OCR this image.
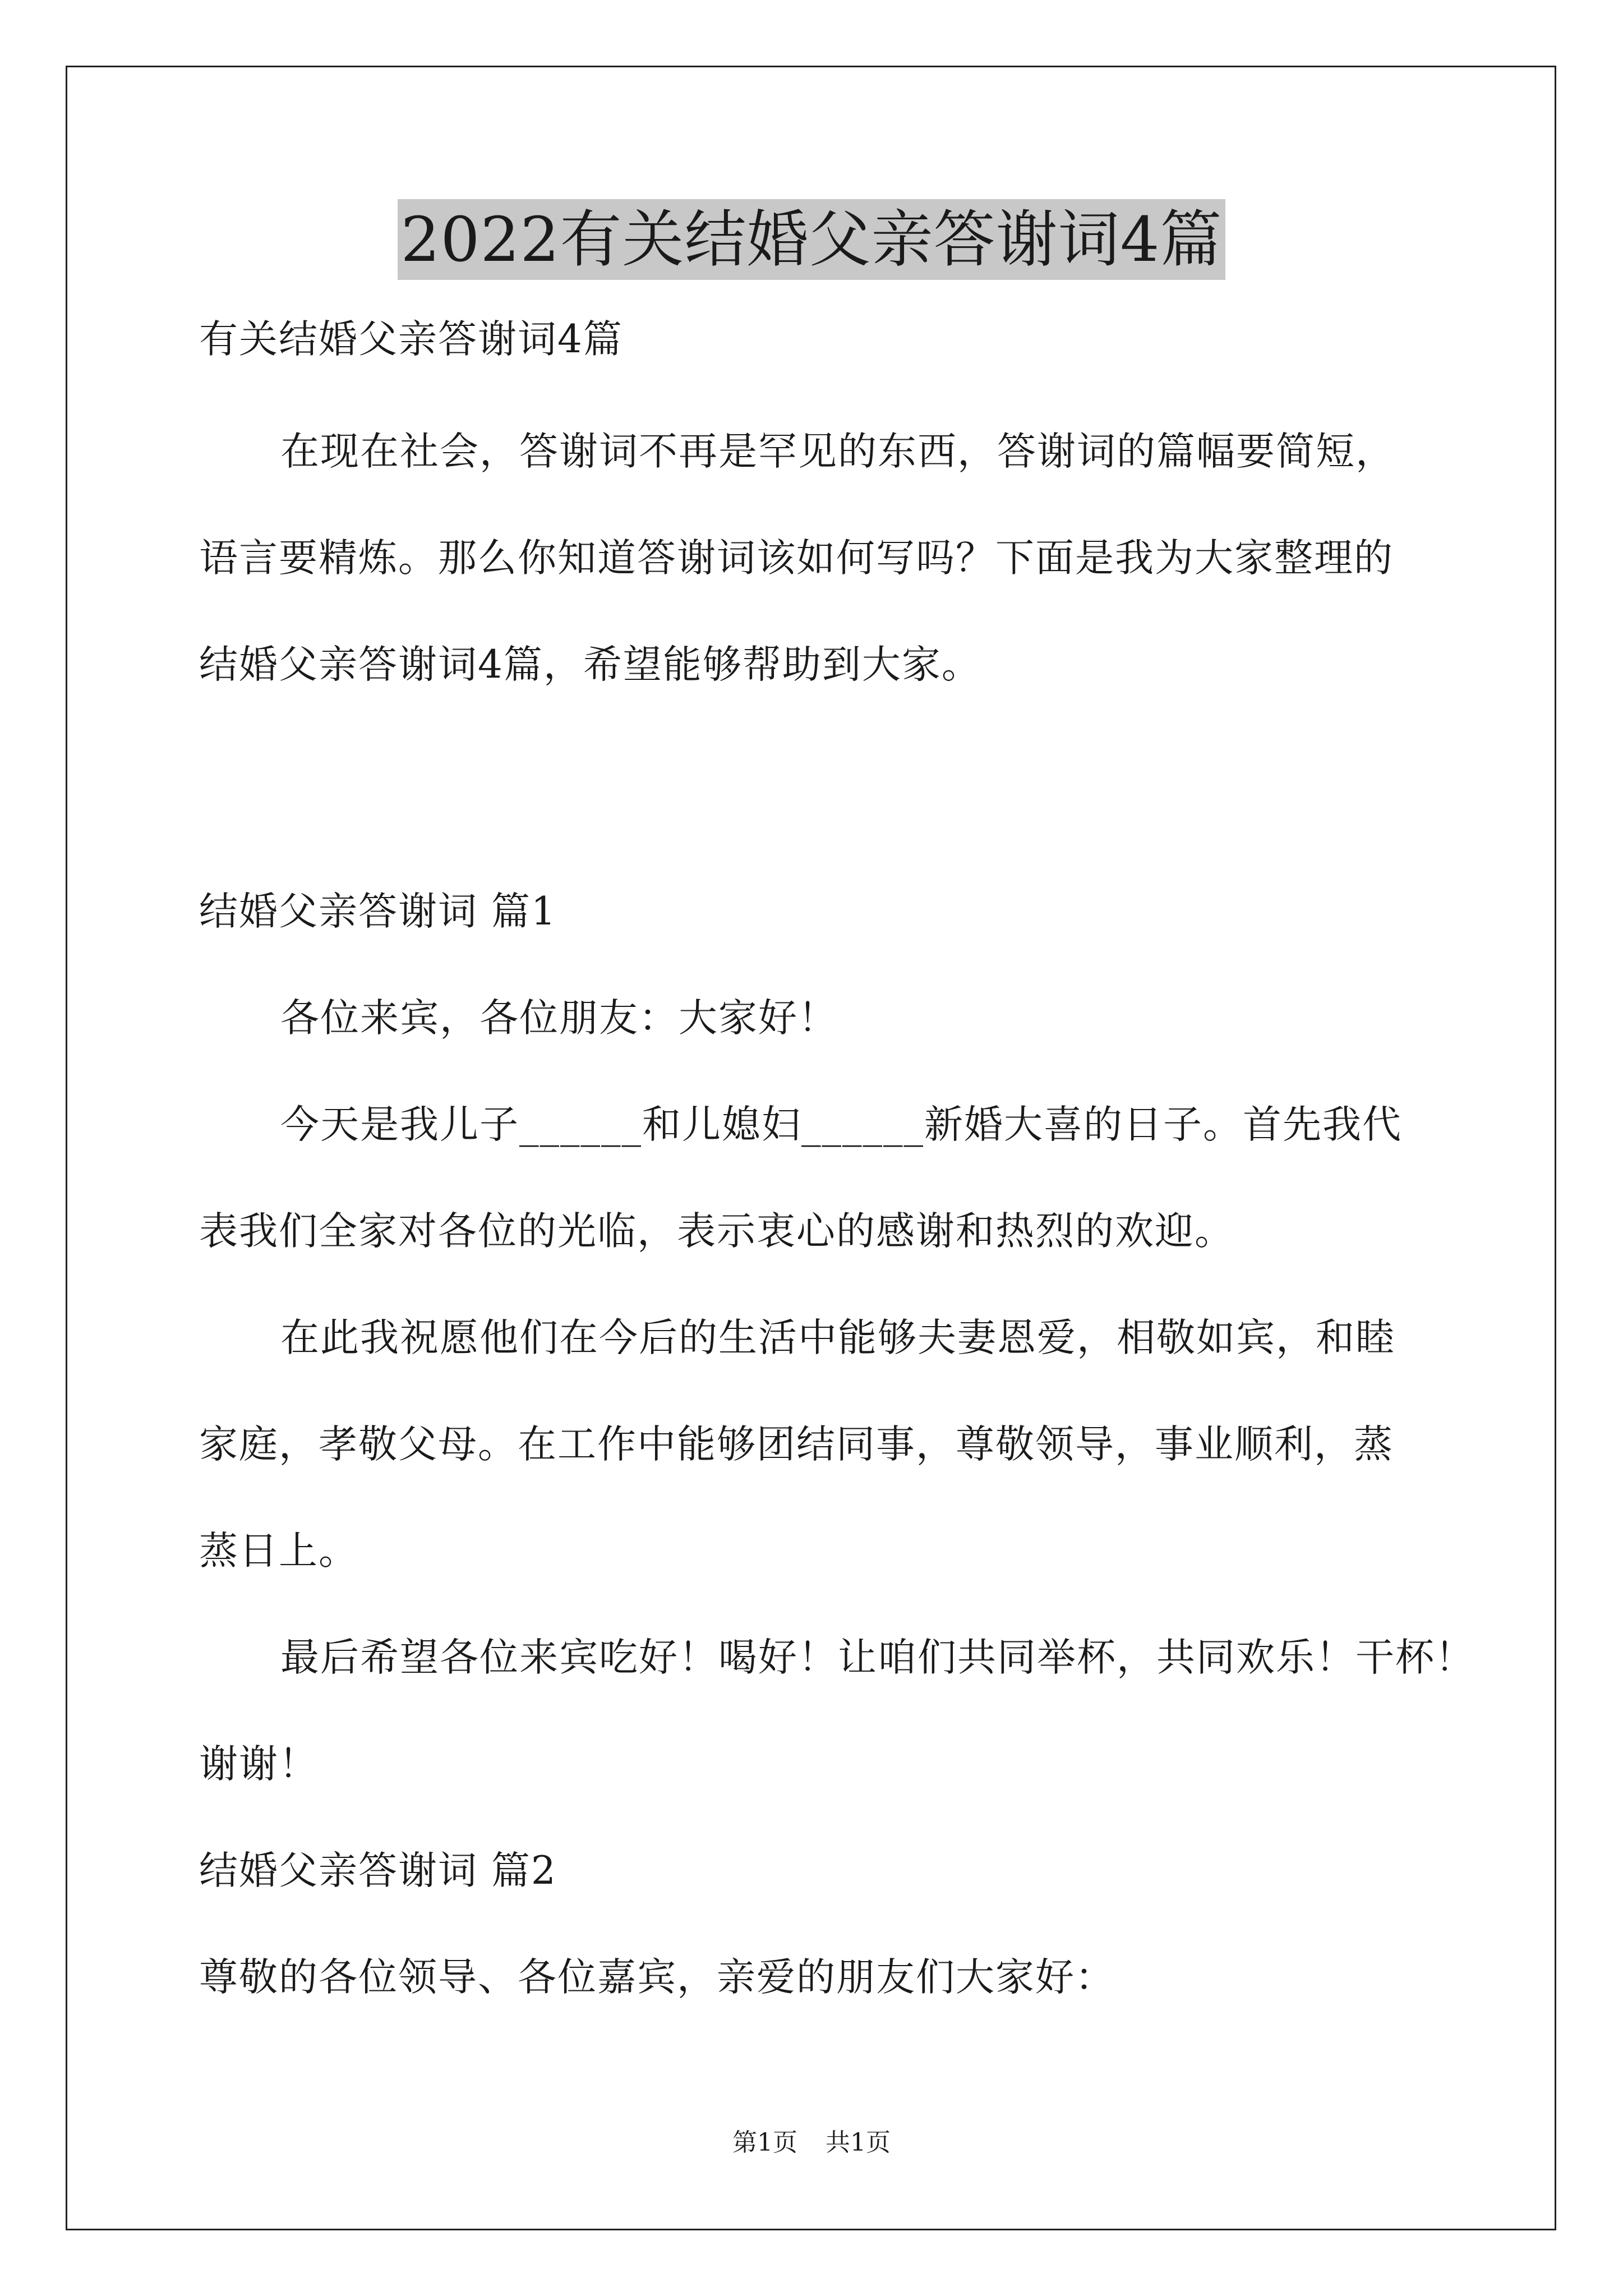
2022有关结婚父亲答谢词4篇
有关结婚父亲答谢词4篇
在现在社会，答谢词不再是罕见的东西，答谢词的篇幅要简短，
语言要精炼。那么你知道答谢词该如何写吗？下面是我为大家整理的
结婚父亲答谢词4篇，希望能够帮助到大家。
结婚父亲答谢词 篇1
各位来宾，各位朋友：大家好！
今天是我儿子______和儿媳妇______新婚大喜的日子。首先我代
表我们全家对各位的光临，表示衷心的感谢和热烈的欢迎。
在此我祝愿他们在今后的生活中能够夫妻恩爱，相敬如宾，和睦
家庭，孝敬父母。在工作中能够团结同事，尊敬领导，事业顺利，蒸
蒸日上。
最后希望各位来宾吃好！喝好！让咱们共同举杯，共同欢乐！干杯！
谢谢！
结婚父亲答谢词 篇2
尊敬的各位领导、各位嘉宾，亲爱的朋友们大家好：
第1页 共1页
